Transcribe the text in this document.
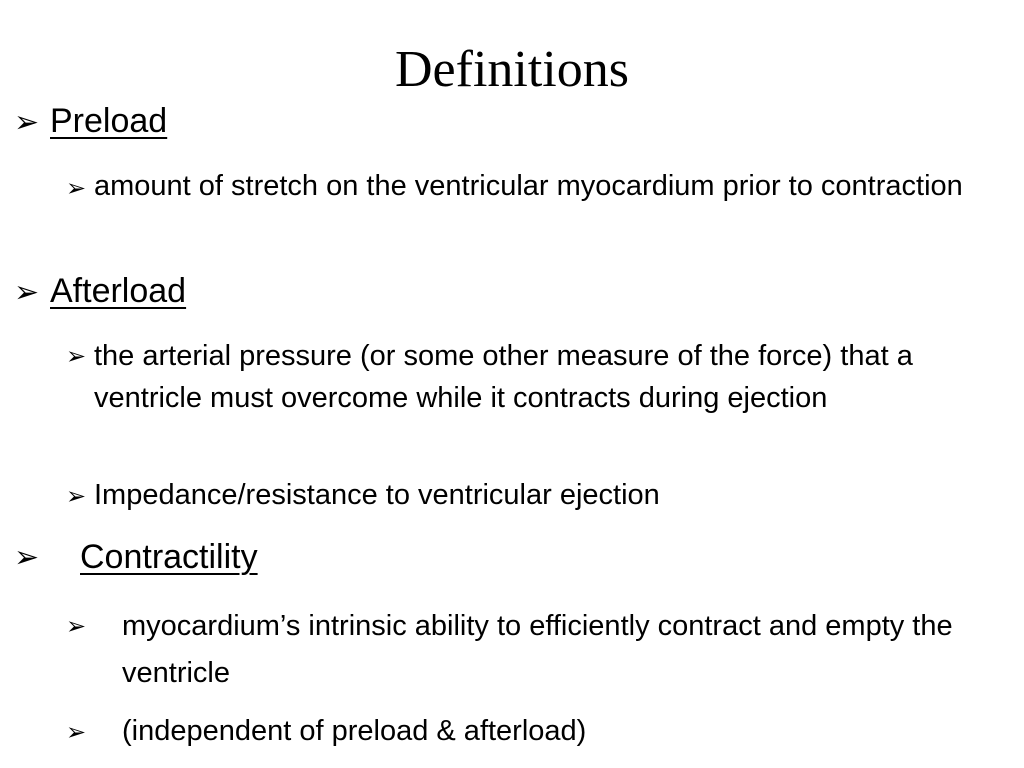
Definitions
➢ Preload
➢ amount of stretch on the ventricular myocardium prior to contraction
➢ Afterload
➢ the arterial pressure (or some other measure of the force) that a ventricle must overcome while it contracts during ejection
➢ Impedance/resistance to ventricular ejection
➢ Contractility
➢ myocardium’s intrinsic ability to efficiently contract and empty the ventricle
➢ (independent of preload & afterload)
